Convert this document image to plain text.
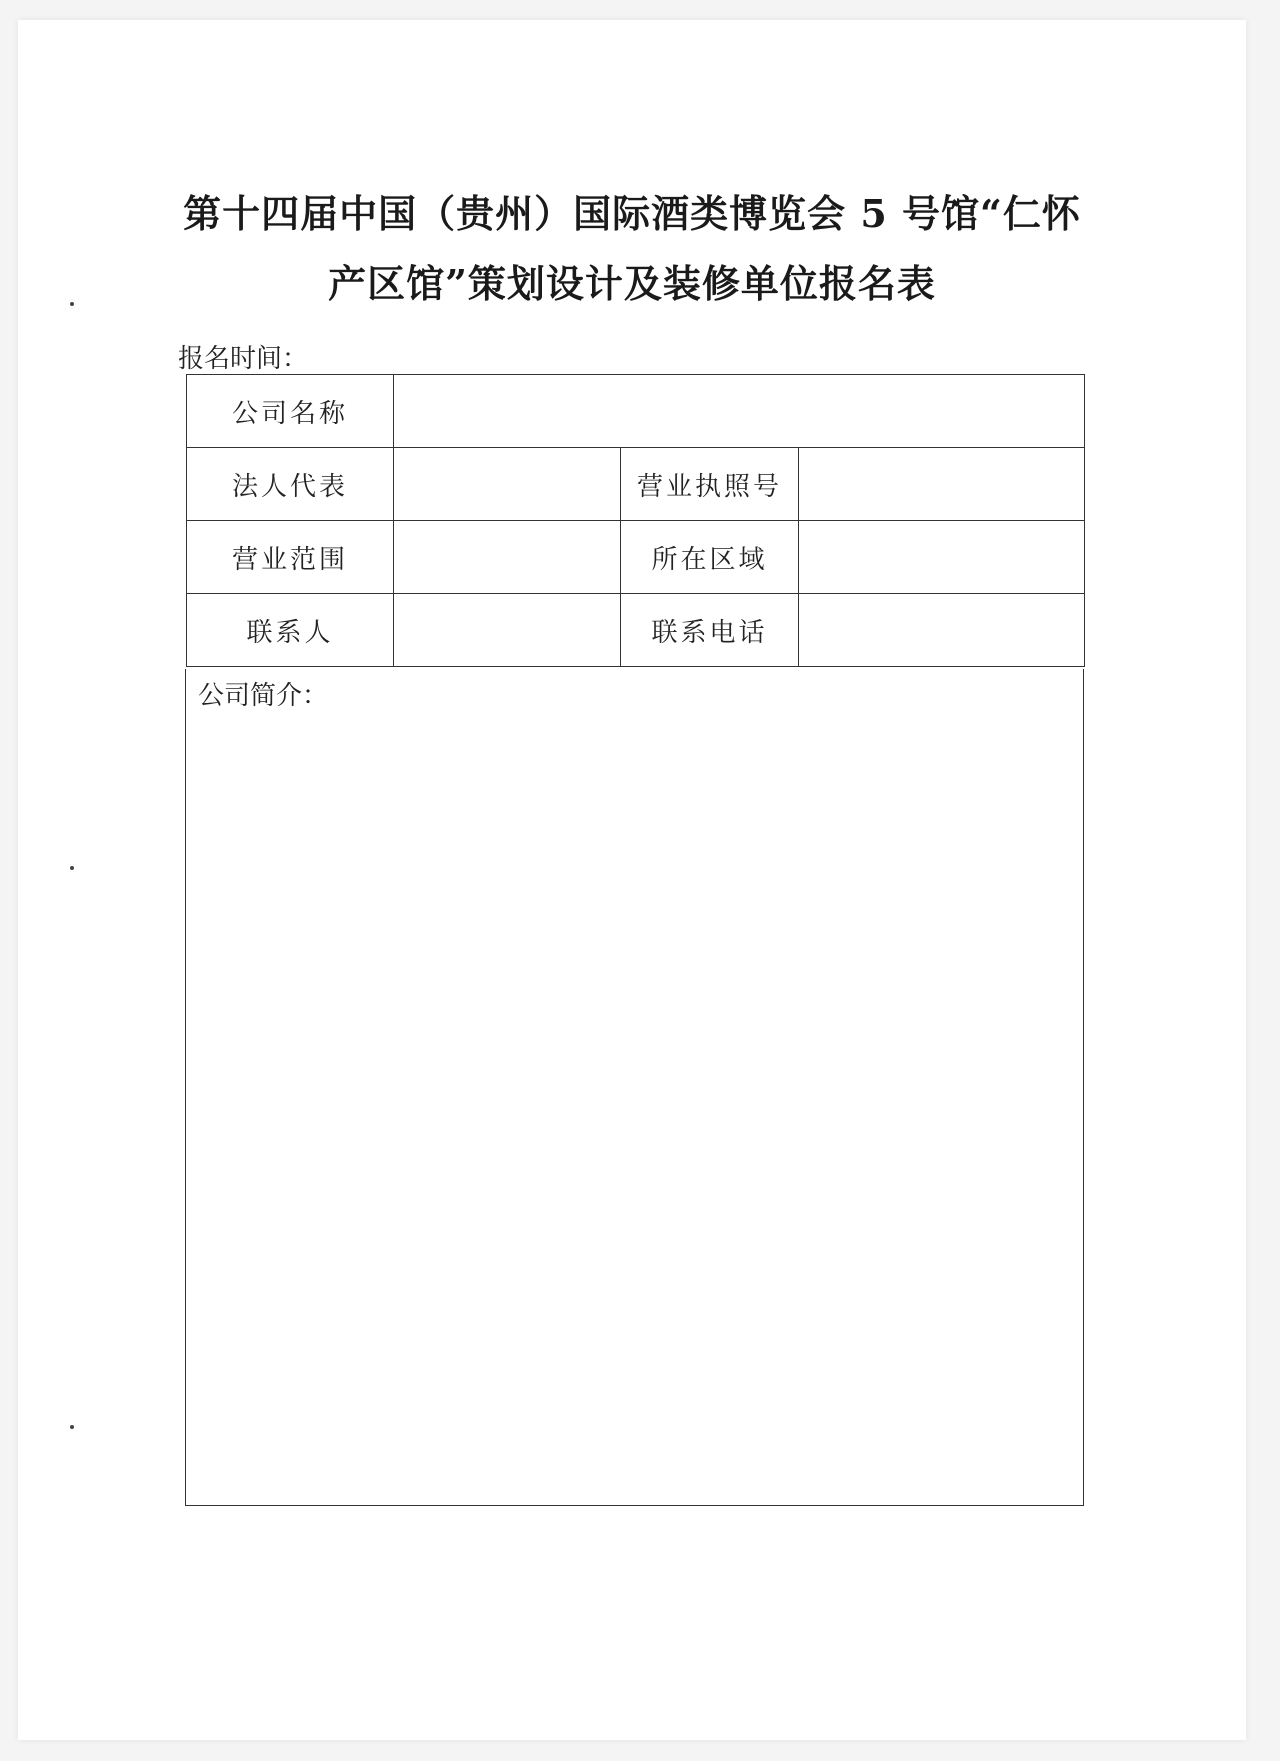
第十四届中国（贵州）国际酒类博览会 5 号馆“仁怀
产区馆”策划设计及装修单位报名表
报名时间：
公司名称			
法人代表		营业执照号	
营业范围		所在区域	
联系人		联系电话	
公司简介：
